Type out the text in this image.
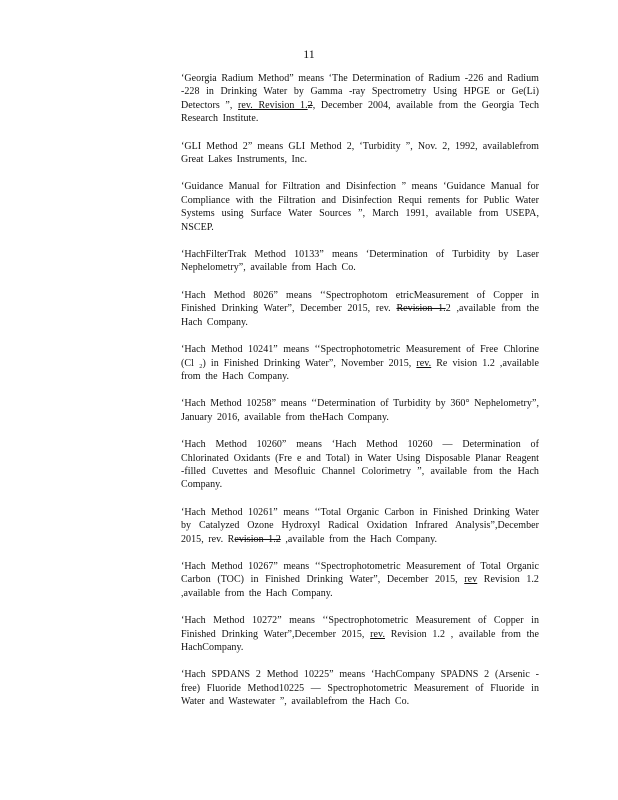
11

‘Georgia Radium Method” means ‘The Determination of Radium -226 and Radium -228 in Drinking Water by Gamma -ray Spectrometry Using HPGE or Ge(Li) Detectors ”, rev. Revision 1.2, December 2004, available from the Georgia Tech Research Institute.

‘GLI Method 2” means GLI Method 2, ‘Turbidity ”, Nov. 2, 1992, availablefrom Great Lakes Instruments, Inc.

‘Guidance Manual for Filtration and Disinfection ” means ‘Guidance Manual for Compliance with the Filtration and Disinfection Requi rements for Public Water Systems using Surface Water Sources ”, March 1991, available from USEPA, NSCEP.

‘HachFilterTrak Method 10133” means ‘Determination of Turbidity by Laser Nephelometry”, available from Hach Co.

‘Hach Method 8026” means ‘‘Spectrophotom etricMeasurement of Copper in Finished Drinking Water”, December 2015, rev. Revision 1.2 ,available from the Hach Company.

‘Hach Method 10241” means ‘‘Spectrophotometric Measurement of Free Chlorine (Cl ₂) in Finished Drinking Water”, November 2015, rev. Re vision 1.2 ,available from the Hach Company.

‘Hach Method 10258” means ‘‘Determination of Turbidity by 360° Nephelometry”, January 2016, available from theHach Company.

‘Hach Method 10260” means ‘Hach Method 10260 — Determination of Chlorinated Oxidants (Fre e and Total) in Water Using Disposable Planar Reagent -filled Cuvettes and Mesofluic Channel Colorimetry ”, available from the Hach Company.

‘Hach Method 10261” means ‘‘Total Organic Carbon in Finished Drinking Water by Catalyzed Ozone Hydroxyl Radical Oxidation Infrared Analysis”,December 2015, rev. Revision 1.2 ,available from the Hach Company.

‘Hach Method 10267” means ‘‘Spectrophotometric Measurement of Total Organic Carbon (TOC) in Finished Drinking Water”, December 2015, rev Revision 1.2 ,available from the Hach Company.

‘Hach Method 10272” means ‘‘Spectrophotometric Measurement of Copper in Finished Drinking Water”,December 2015, rev. Revision 1.2 , available from the HachCompany.

‘Hach SPDANS 2 Method 10225” means ‘HachCompany SPADNS 2 (Arsenic -free) Fluoride Method10225 — Spectrophotometric Measurement of Fluoride in Water and Wastewater ”, availablefrom the Hach Co.
